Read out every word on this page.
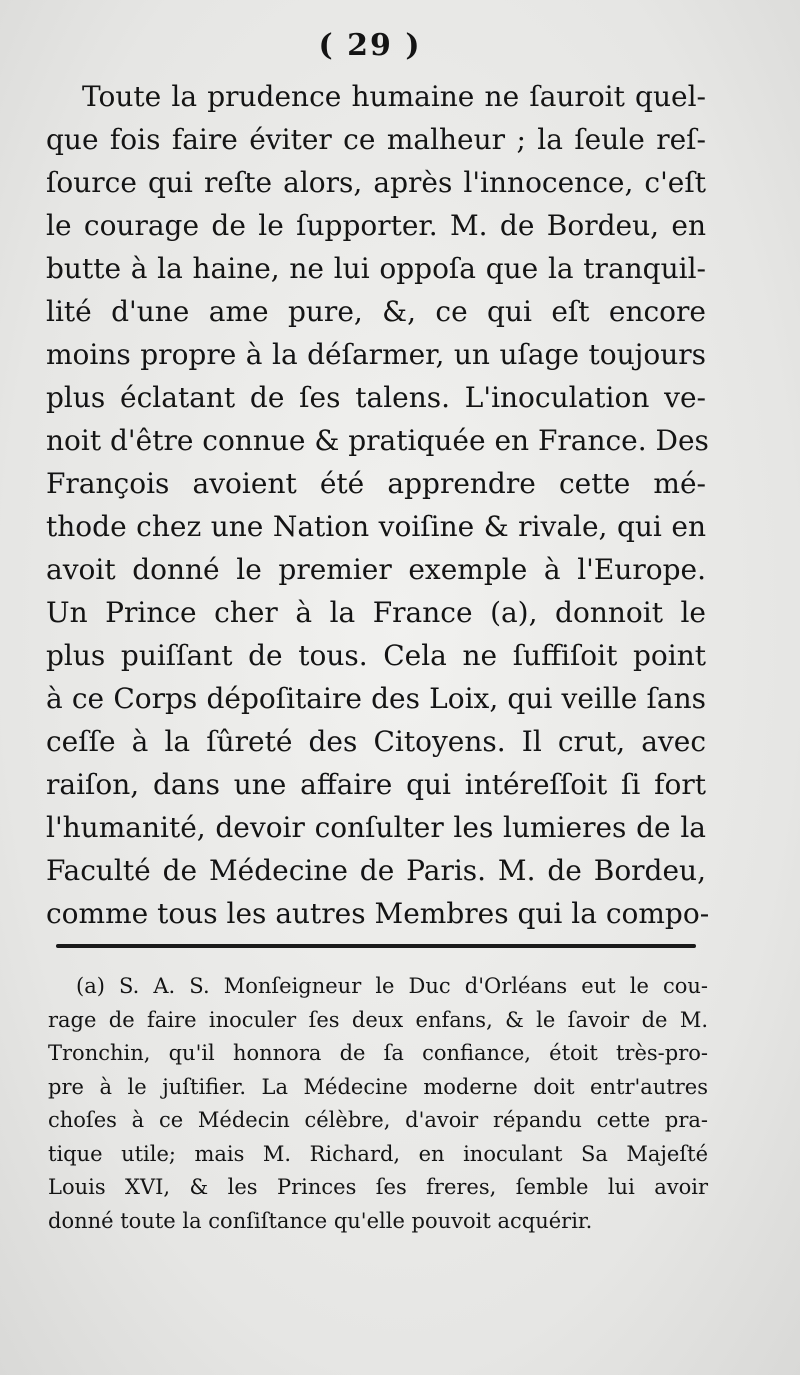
( 29 )
Toute la prudence humaine ne ſauroit quel-
que fois faire éviter ce malheur ; la ſeule reſ-
ſource qui reſte alors, après l'innocence, c'eſt
le courage de le ſupporter. M. de Bordeu, en
butte à la haine, ne lui oppoſa que la tranquil-
lité d'une ame pure, &, ce qui eſt encore
moins propre à la déſarmer, un uſage toujours
plus éclatant de ſes talens. L'inoculation ve-
noit d'être connue & pratiquée en France. Des
François avoient été apprendre cette mé-
thode chez une Nation voiſine & rivale, qui en
avoit donné le premier exemple à l'Europe.
Un Prince cher à la France (a), donnoit le
plus puiſſant de tous. Cela ne ſuffiſoit point
à ce Corps dépoſitaire des Loix, qui veille ſans
ceſſe à la ſûreté des Citoyens. Il crut, avec
raiſon, dans une affaire qui intéreſſoit ſi fort
l'humanité, devoir conſulter les lumieres de la
Faculté de Médecine de Paris. M. de Bordeu,
comme tous les autres Membres qui la compo-
(a) S. A. S. Monſeigneur le Duc d'Orléans eut le cou-
rage de faire inoculer ſes deux enfans, & le ſavoir de M.
Tronchin, qu'il honnora de ſa confiance, étoit très-pro-
pre à le juſtifier. La Médecine moderne doit entr'autres
choſes à ce Médecin célèbre, d'avoir répandu cette pra-
tique utile; mais M. Richard, en inoculant Sa Majeſté
Louis XVI, & les Princes ſes freres, ſemble lui avoir
donné toute la conſiſtance qu'elle pouvoit acquérir.
